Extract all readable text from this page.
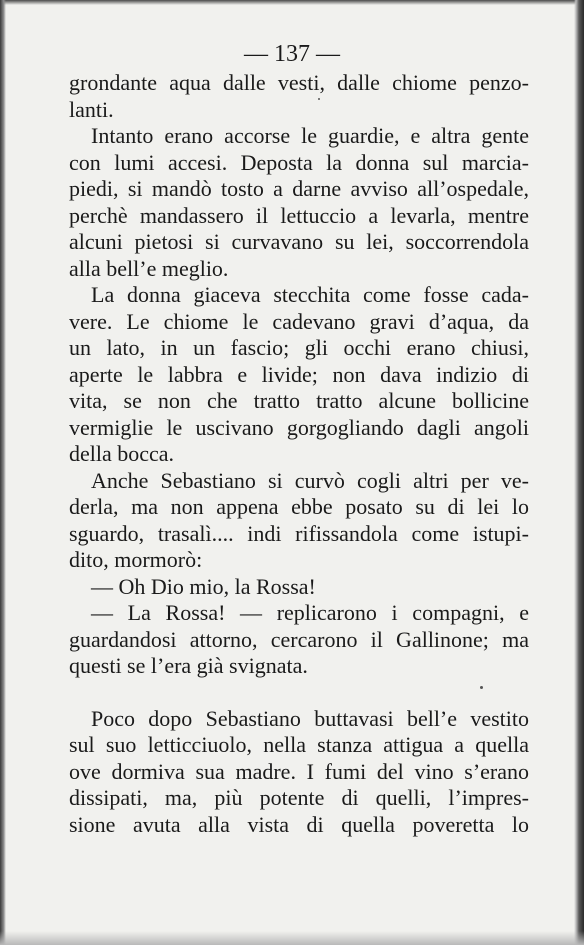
— 137 —
grondante aqua dalle vesti, dalle chiome penzo-
lanti.
Intanto erano accorse le guardie, e altra gente
con lumi accesi. Deposta la donna sul marcia-
piedi, si mandò tosto a darne avviso all’ospedale,
perchè mandassero il lettuccio a levarla, mentre
alcuni pietosi si curvavano su lei, soccorrendola
alla bell’e meglio.
La donna giaceva stecchita come fosse cada-
vere. Le chiome le cadevano gravi d’aqua, da
un lato, in un fascio; gli occhi erano chiusi,
aperte le labbra e livide; non dava indizio di
vita, se non che tratto tratto alcune bollicine
vermiglie le uscivano gorgogliando dagli angoli
della bocca.
Anche Sebastiano si curvò cogli altri per ve-
derla, ma non appena ebbe posato su di lei lo
sguardo, trasalì.... indi rifissandola come istupi-
dito, mormorò:
— Oh Dio mio, la Rossa!
— La Rossa! — replicarono i compagni, e
guardandosi attorno, cercarono il Gallinone; ma
questi se l’era già svignata.
Poco dopo Sebastiano buttavasi bell’e vestito
sul suo letticciuolo, nella stanza attigua a quella
ove dormiva sua madre. I fumi del vino s’erano
dissipati, ma, più potente di quelli, l’impres-
sione avuta alla vista di quella poveretta lo
